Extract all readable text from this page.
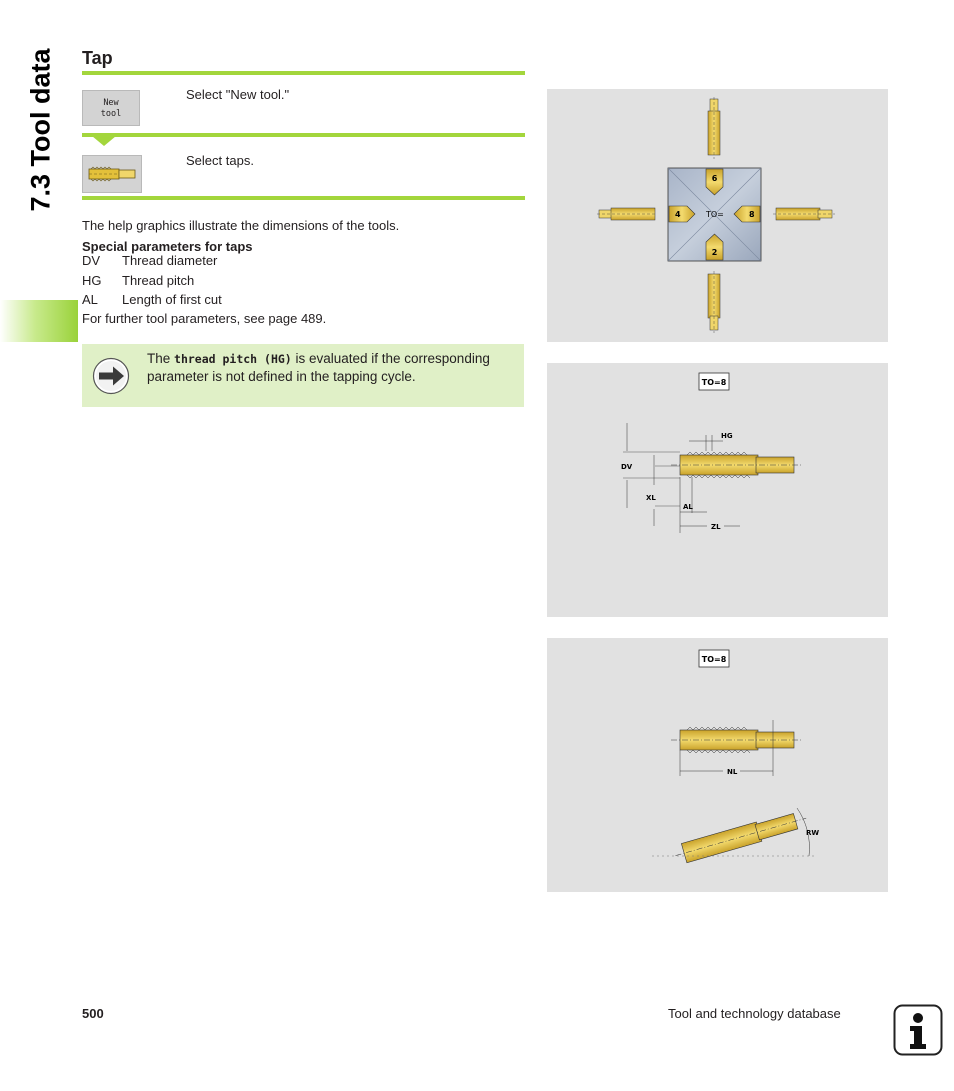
7.3 Tool data Tap
New
tool
Select "New tool."
Select taps.
The help graphics illustrate the dimensions of the tools.
Special parameters for taps
DV Thread diameter
HG Thread pitch
AL Length of first cut
For further tool parameters, see page 489.
The thread pitch (HG) is evaluated if the corresponding parameter is not defined in the tapping cycle.
6
2
4	8
TO=
TO=8
HG
DV
XL
AL
ZL
TO=8
NL
RW
500	Tool and technology database
